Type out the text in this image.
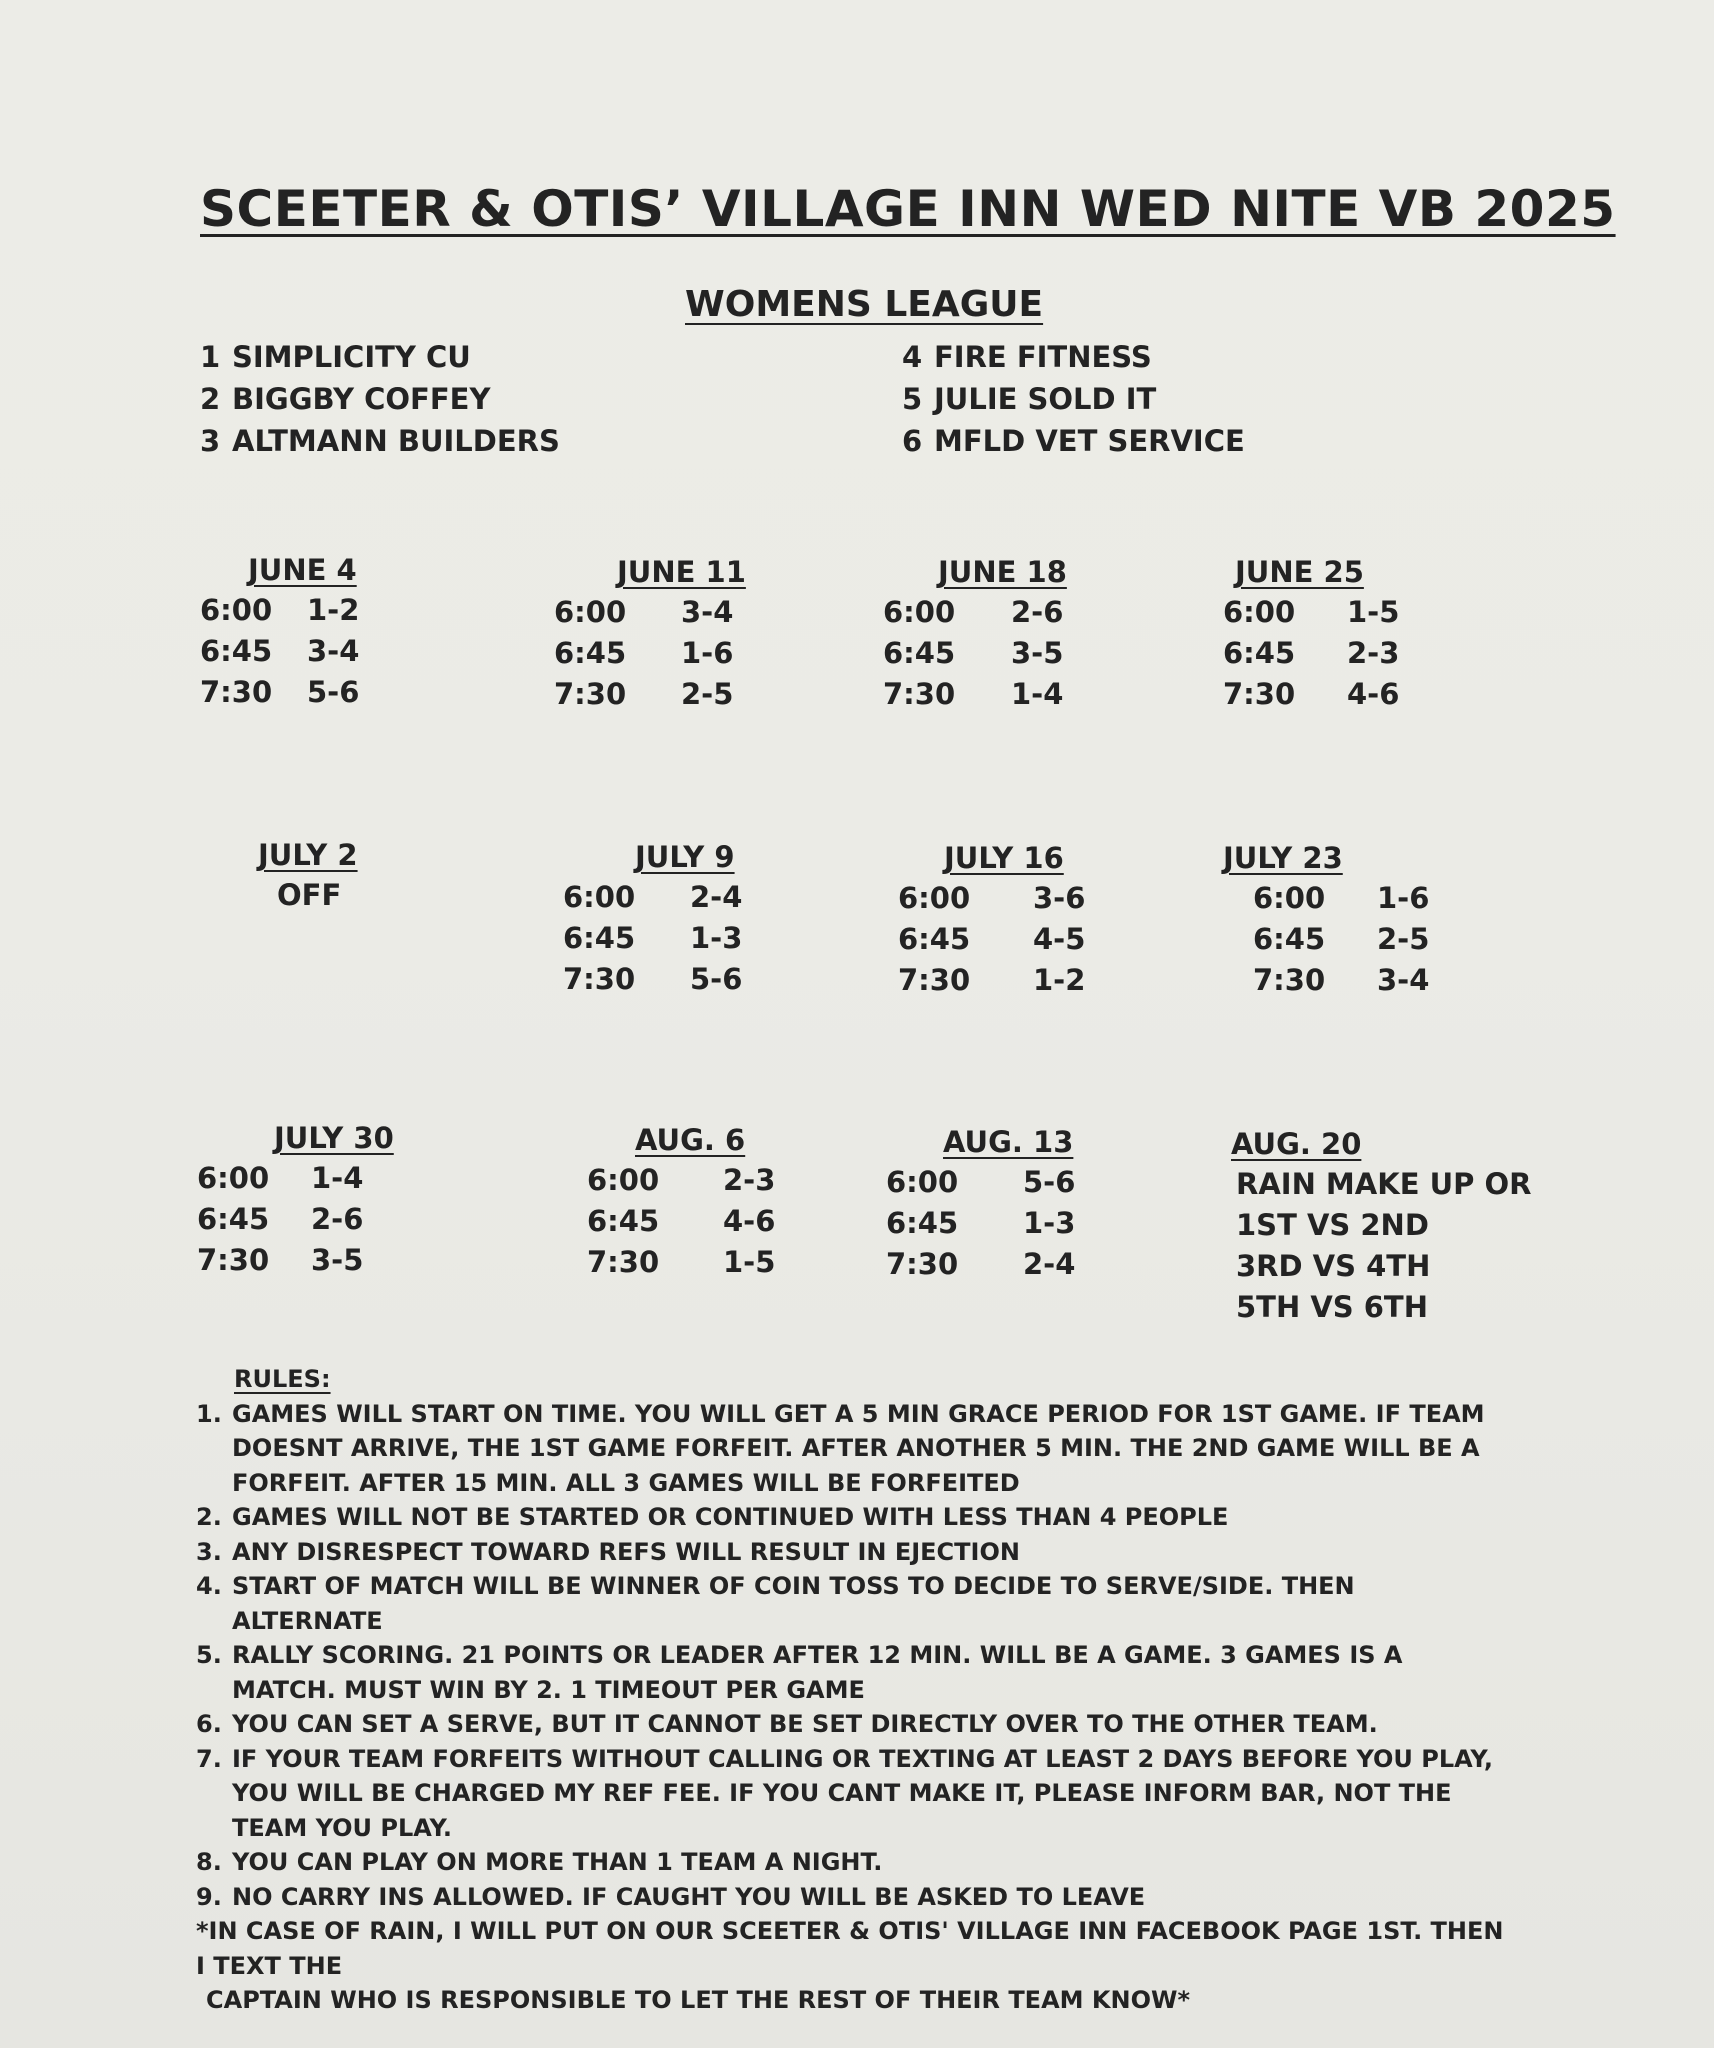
SCEETER & OTIS’ VILLAGE INN WED NITE VB 2025
WOMENS LEAGUE
1 SIMPLICITY CU
2 BIGGBY COFFEY
3 ALTMANN BUILDERS
4 FIRE FITNESS
5 JULIE SOLD IT
6 MFLD VET SERVICE
JUNE 4
6:00 1-2
6:45 3-4
7:30 5-6
JUNE 11
6:00 3-4
6:45 1-6
7:30 2-5
JUNE 18
6:00 2-6
6:45 3-5
7:30 1-4
JUNE 25
6:00 1-5
6:45 2-3
7:30 4-6
JULY 2
OFF
JULY 9
6:00 2-4
6:45 1-3
7:30 5-6
JULY 16
6:00 3-6
6:45 4-5
7:30 1-2
JULY 23
6:00 1-6
6:45 2-5
7:30 3-4
JULY 30
6:00 1-4
6:45 2-6
7:30 3-5
AUG. 6
6:00 2-3
6:45 4-6
7:30 1-5
AUG. 13
6:00 5-6
6:45 1-3
7:30 2-4
AUG. 20
RAIN MAKE UP OR
1ST VS 2ND
3RD VS 4TH
5TH VS 6TH
RULES:
1. GAMES WILL START ON TIME. YOU WILL GET A 5 MIN GRACE PERIOD FOR 1ST GAME. IF TEAM DOESNT ARRIVE, THE 1ST GAME FORFEIT. AFTER ANOTHER 5 MIN. THE 2ND GAME WILL BE A FORFEIT. AFTER 15 MIN. ALL 3 GAMES WILL BE FORFEITED
2. GAMES WILL NOT BE STARTED OR CONTINUED WITH LESS THAN 4 PEOPLE
3. ANY DISRESPECT TOWARD REFS WILL RESULT IN EJECTION
4. START OF MATCH WILL BE WINNER OF COIN TOSS TO DECIDE TO SERVE/SIDE. THEN ALTERNATE
5. RALLY SCORING. 21 POINTS OR LEADER AFTER 12 MIN. WILL BE A GAME. 3 GAMES IS A MATCH. MUST WIN BY 2. 1 TIMEOUT PER GAME
6. YOU CAN SET A SERVE, BUT IT CANNOT BE SET DIRECTLY OVER TO THE OTHER TEAM.
7. IF YOUR TEAM FORFEITS WITHOUT CALLING OR TEXTING AT LEAST 2 DAYS BEFORE YOU PLAY, YOU WILL BE CHARGED MY REF FEE. IF YOU CANT MAKE IT, PLEASE INFORM BAR, NOT THE TEAM YOU PLAY.
8. YOU CAN PLAY ON MORE THAN 1 TEAM A NIGHT.
9. NO CARRY INS ALLOWED. IF CAUGHT YOU WILL BE ASKED TO LEAVE
*IN CASE OF RAIN, I WILL PUT ON OUR SCEETER & OTIS' VILLAGE INN FACEBOOK PAGE 1ST. THEN I TEXT THE
CAPTAIN WHO IS RESPONSIBLE TO LET THE REST OF THEIR TEAM KNOW*
